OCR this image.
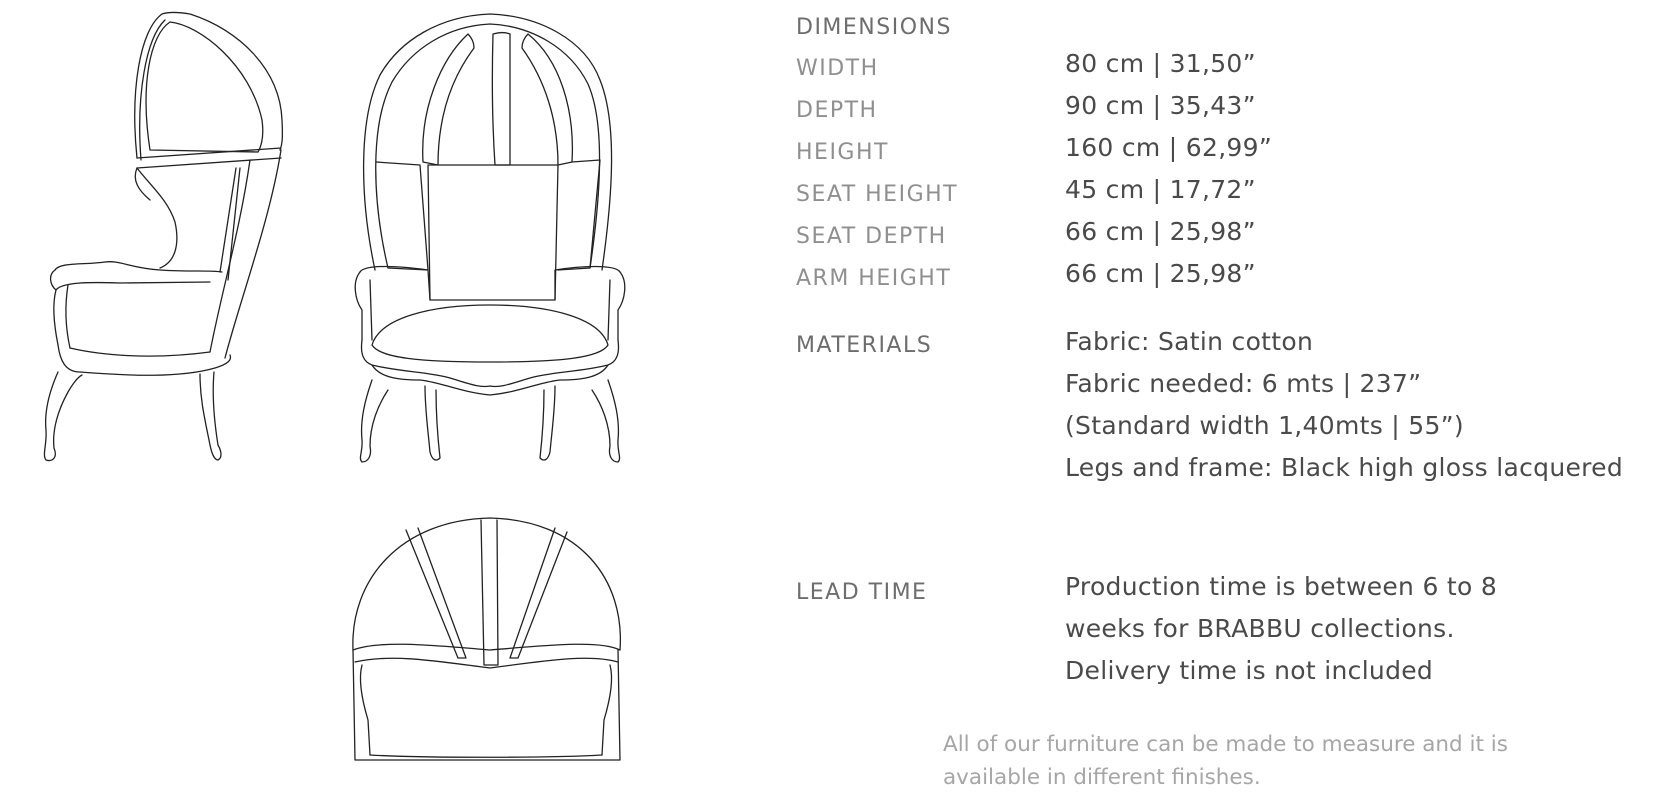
DIMENSIONS
WIDTH	80 cm | 31,50”
DEPTH	90 cm | 35,43”
HEIGHT	160 cm | 62,99”
SEAT HEIGHT	45 cm | 17,72”
SEAT DEPTH	66 cm | 25,98”
ARM HEIGHT	66 cm | 25,98”
MATERIALS	Fabric: Satin cotton
Fabric needed: 6 mts | 237”
(Standard width 1,40mts | 55”)
Legs and frame: Black high gloss lacquered
LEAD TIME	Production time is between 6 to 8
weeks for BRABBU collections.
Delivery time is not included
All of our furniture can be made to measure and it is
available in different finishes.
